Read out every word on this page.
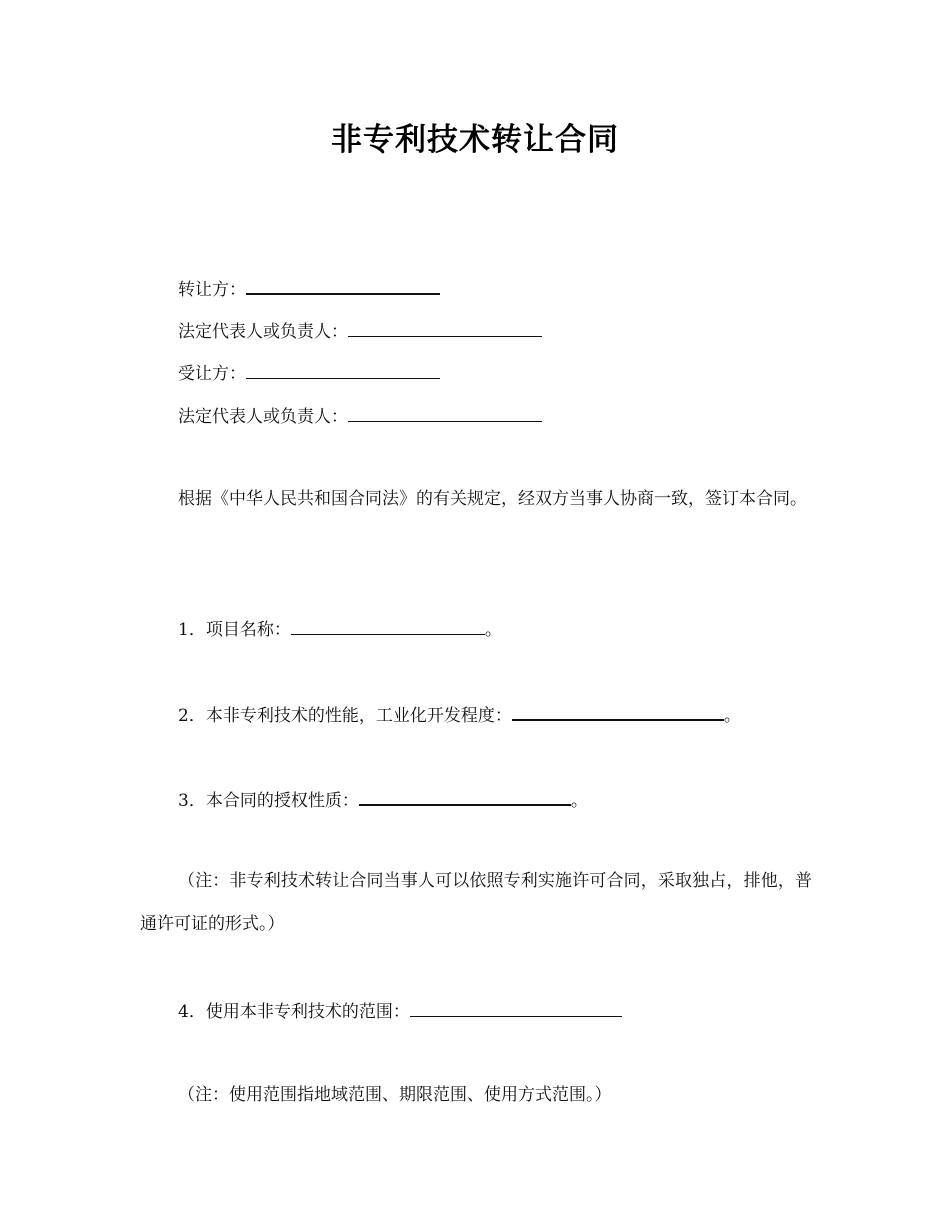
非专利技术转让合同
转让方：
法定代表人或负责人：
受让方：
法定代表人或负责人：
根据《中华人民共和国合同法》的有关规定，经双方当事人协商一致，签订本合同。
1．项目名称：	。
2．本非专利技术的性能，工业化开发程度：	。
3．本合同的授权性质：	。
（注：非专利技术转让合同当事人可以依照专利实施许可合同，采取独占，排他，普通许可证的形式。）
4．使用本非专利技术的范围：
（注：使用范围指地域范围、期限范围、使用方式范围。）
